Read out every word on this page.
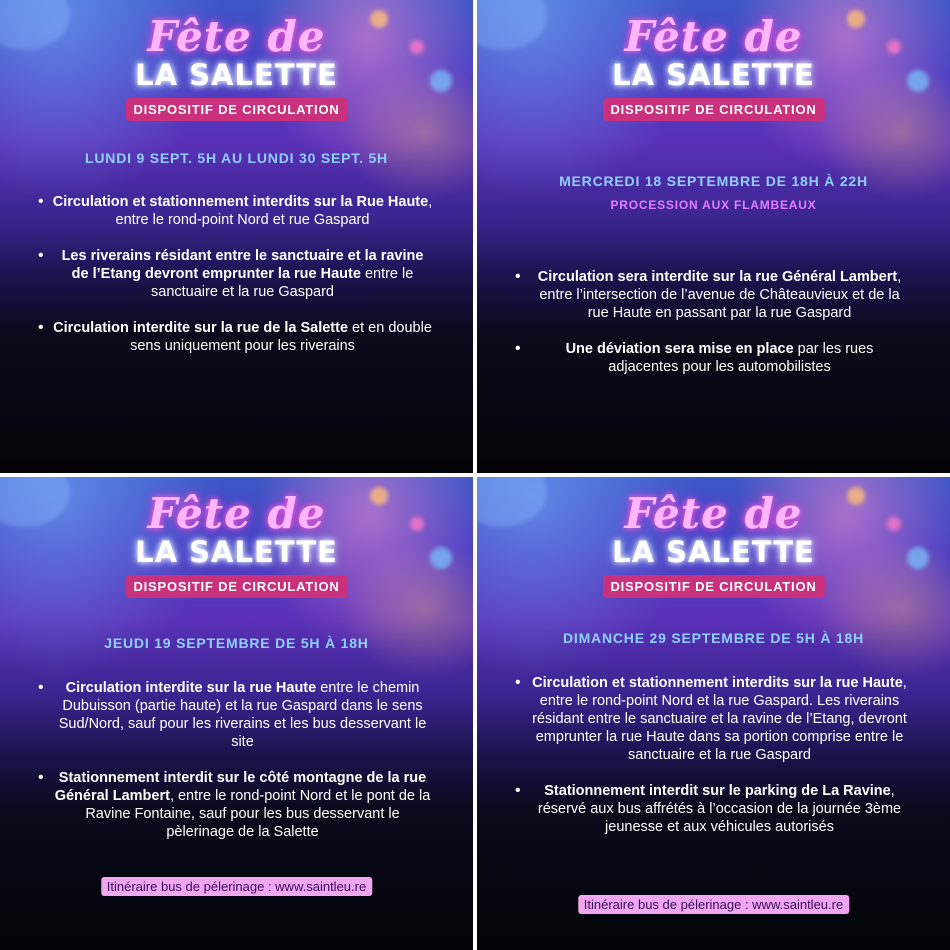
Fête de
LA SALETTE
DISPOSITIF DE CIRCULATION
LUNDI 9 SEPT. 5H AU LUNDI 30 SEPT. 5H
• Circulation et stationnement interdits sur la Rue Haute, entre le rond-point Nord et rue Gaspard
• Les riverains résidant entre le sanctuaire et la ravine de l’Etang devront emprunter la rue Haute entre le sanctuaire et la rue Gaspard
• Circulation interdite sur la rue de la Salette et en double sens uniquement pour les riverains
Fête de
LA SALETTE
DISPOSITIF DE CIRCULATION
MERCREDI 18 SEPTEMBRE DE 18H À 22H
PROCESSION AUX FLAMBEAUX
• Circulation sera interdite sur la rue Général Lambert, entre l’intersection de l’avenue de Châteauvieux et de la rue Haute en passant par la rue Gaspard
• Une déviation sera mise en place par les rues adjacentes pour les automobilistes
Fête de
LA SALETTE
DISPOSITIF DE CIRCULATION
JEUDI 19 SEPTEMBRE DE 5H À 18H
• Circulation interdite sur la rue Haute entre le chemin Dubuisson (partie haute) et la rue Gaspard dans le sens Sud/Nord, sauf pour les riverains et les bus desservant le site
• Stationnement interdit sur le côté montagne de la rue Général Lambert, entre le rond-point Nord et le pont de la Ravine Fontaine, sauf pour les bus desservant le pèlerinage de la Salette
Itinéraire bus de pélerinage : www.saintleu.re
Fête de
LA SALETTE
DISPOSITIF DE CIRCULATION
DIMANCHE 29 SEPTEMBRE DE 5H À 18H
• Circulation et stationnement interdits sur la rue Haute, entre le rond-point Nord et la rue Gaspard. Les riverains résidant entre le sanctuaire et la ravine de l’Etang, devront emprunter la rue Haute dans sa portion comprise entre le sanctuaire et la rue Gaspard
• Stationnement interdit sur le parking de La Ravine, réservé aux bus affrétés à l’occasion de la journée 3ème jeunesse et aux véhicules autorisés
Itinéraire bus de pélerinage : www.saintleu.re
